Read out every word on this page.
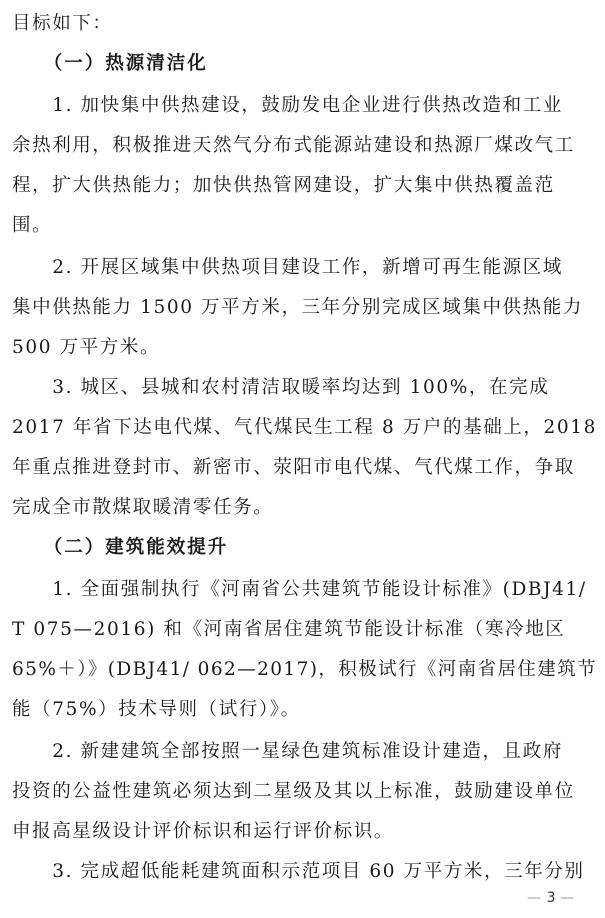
目标如下：
　　（一）热源清洁化
　　1. 加快集中供热建设，鼓励发电企业进行供热改造和工业
余热利用，积极推进天然气分布式能源站建设和热源厂煤改气工
程，扩大供热能力；加快供热管网建设，扩大集中供热覆盖范
围。
　　2. 开展区域集中供热项目建设工作，新增可再生能源区域
集中供热能力 1500 万平方米，三年分别完成区域集中供热能力
500 万平方米。
　　3. 城区、县城和农村清洁取暖率均达到 100%，在完成
2017 年省下达电代煤、气代煤民生工程 8 万户的基础上，2018
年重点推进登封市、新密市、荥阳市电代煤、气代煤工作，争取
完成全市散煤取暖清零任务。
　　（二）建筑能效提升
　　1. 全面强制执行《河南省公共建筑节能设计标准》(DBJ41/
T 075—2016) 和《河南省居住建筑节能设计标准（寒冷地区
65%＋）》(DBJ41/ 062—2017)，积极试行《河南省居住建筑节
能（75%）技术导则（试行）》。
　　2. 新建建筑全部按照一星绿色建筑标准设计建造，且政府
投资的公益性建筑必须达到二星级及其以上标准，鼓励建设单位
申报高星级设计评价标识和运行评价标识。
　　3. 完成超低能耗建筑面积示范项目 60 万平方米，三年分别
— 3 —
